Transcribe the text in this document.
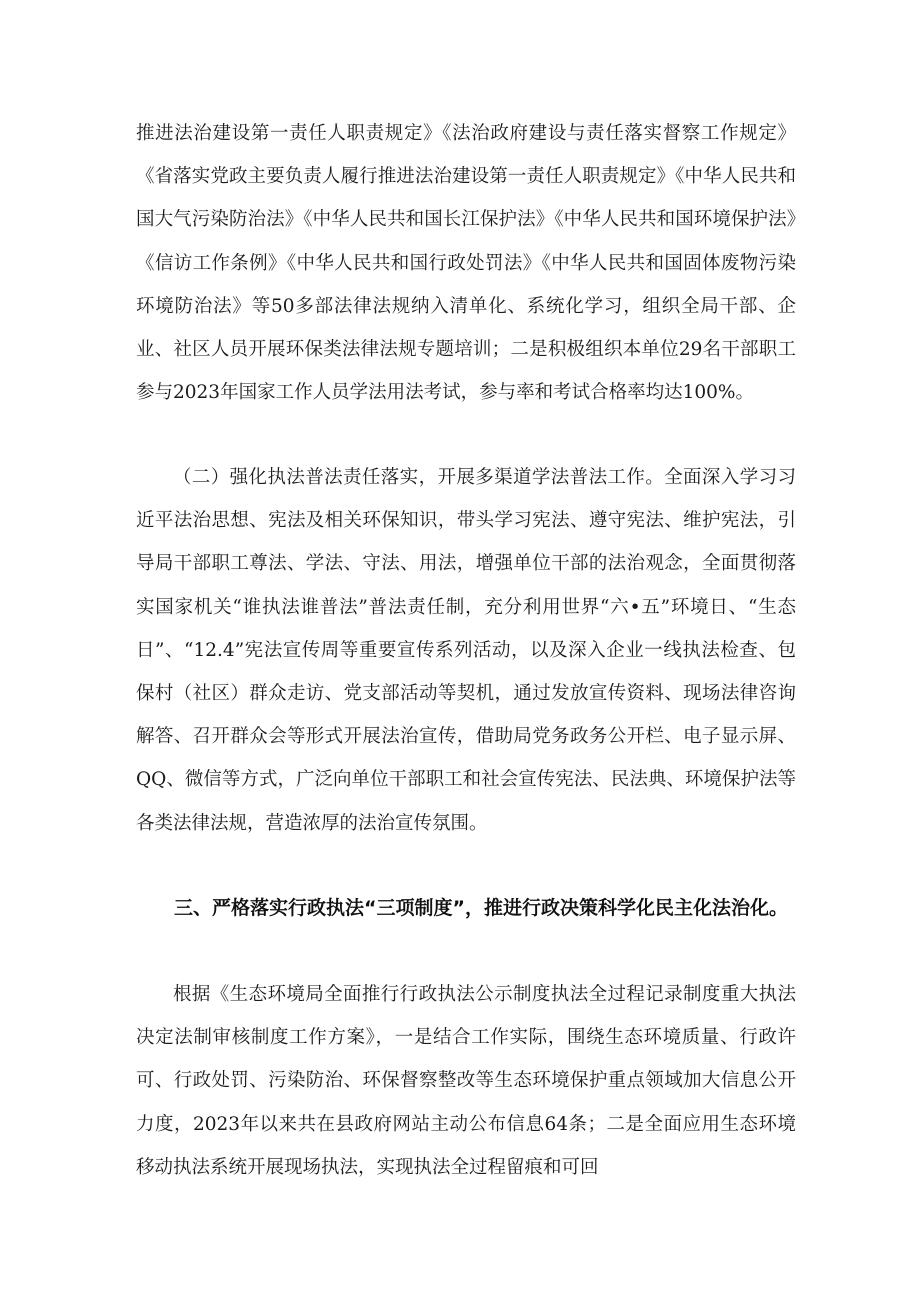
推进法治建设第一责任人职责规定》《法治政府建设与责任落实督察工作规定》《省落实党政主要负责人履行推进法治建设第一责任人职责规定》《中华人民共和国大气污染防治法》《中华人民共和国长江保护法》《中华人民共和国环境保护法》《信访工作条例》《中华人民共和国行政处罚法》《中华人民共和国固体废物污染环境防治法》等50多部法律法规纳入清单化、系统化学习，组织全局干部、企业、社区人员开展环保类法律法规专题培训；二是积极组织本单位29名干部职工参与2023年国家工作人员学法用法考试，参与率和考试合格率均达100%。

（二）强化执法普法责任落实，开展多渠道学法普法工作。全面深入学习习近平法治思想、宪法及相关环保知识，带头学习宪法、遵守宪法、维护宪法，引导局干部职工尊法、学法、守法、用法，增强单位干部的法治观念，全面贯彻落实国家机关“谁执法谁普法”普法责任制，充分利用世界“六•五”环境日、“生态日”、“12.4”宪法宣传周等重要宣传系列活动，以及深入企业一线执法检查、包保村（社区）群众走访、党支部活动等契机，通过发放宣传资料、现场法律咨询解答、召开群众会等形式开展法治宣传，借助局党务政务公开栏、电子显示屏、QQ、微信等方式，广泛向单位干部职工和社会宣传宪法、民法典、环境保护法等各类法律法规，营造浓厚的法治宣传氛围。

三、严格落实行政执法“三项制度”，推进行政决策科学化民主化法治化。

根据《生态环境局全面推行行政执法公示制度执法全过程记录制度重大执法决定法制审核制度工作方案》，一是结合工作实际，围绕生态环境质量、行政许可、行政处罚、污染防治、环保督察整改等生态环境保护重点领域加大信息公开力度，2023年以来共在县政府网站主动公布信息64条；二是全面应用生态环境移动执法系统开展现场执法，实现执法全过程留痕和可回
